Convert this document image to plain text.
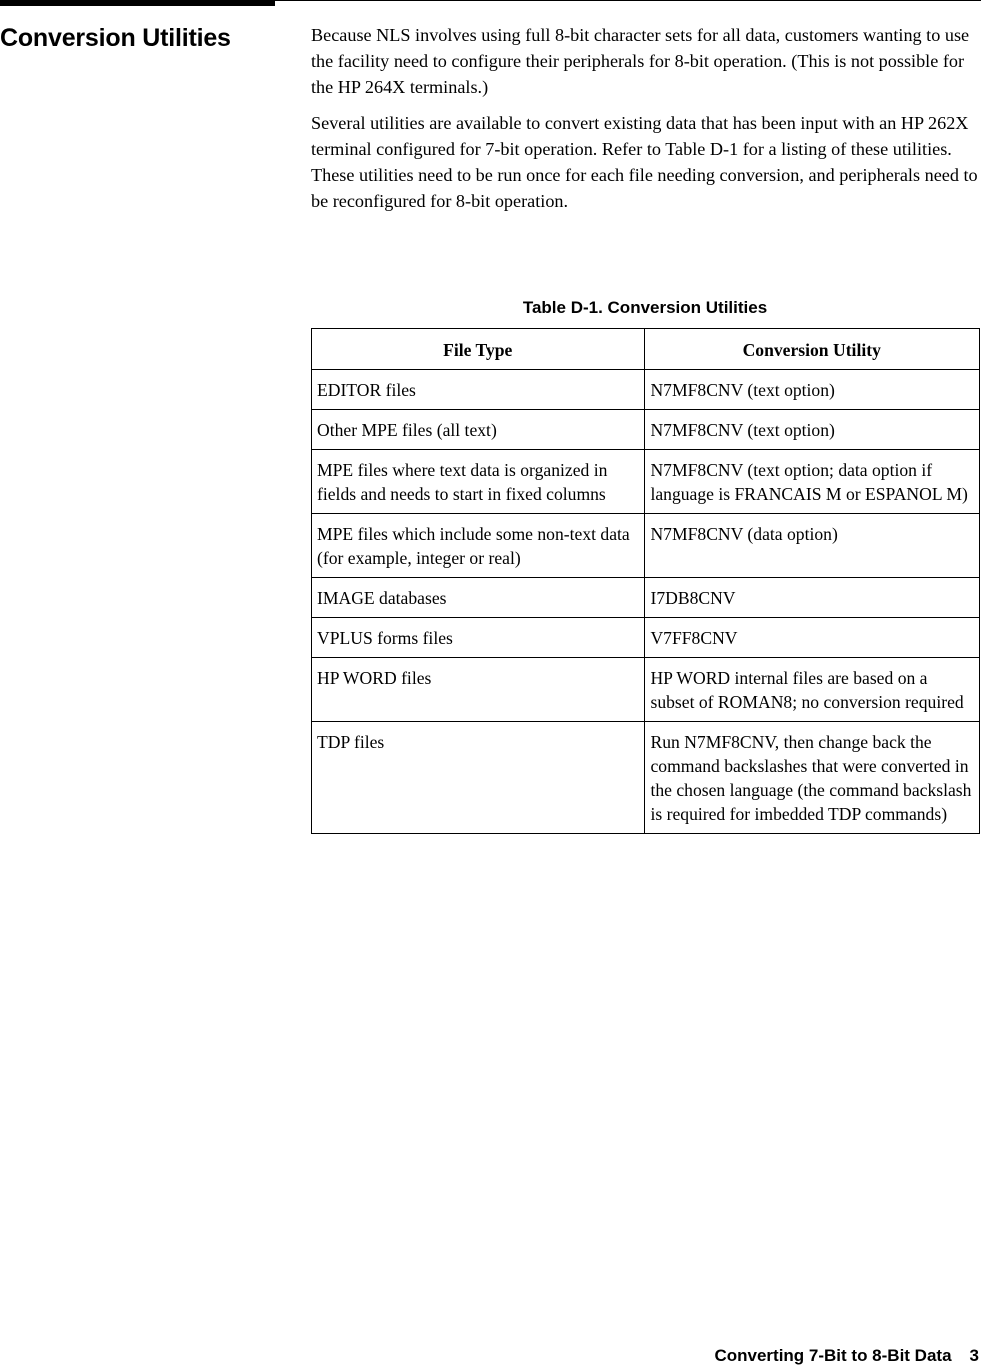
Conversion Utilities	Because NLS involves using full 8-bit character sets for all data, customers wanting to use the facility need to configure their peripherals for 8-bit operation. (This is not possible for the HP 264X terminals.)

Several utilities are available to convert existing data that has been input with an HP 262X terminal configured for 7-bit operation. Refer to Table D-1 for a listing of these utilities. These utilities need to be run once for each file needing conversion, and peripherals need to be reconfigured for 8-bit operation.

Table D-1. Conversion Utilities
File Type	Conversion Utility
EDITOR files	N7MF8CNV (text option)
Other MPE files (all text)	N7MF8CNV (text option)
MPE files where text data is organized in fields and needs to start in fixed columns	N7MF8CNV (text option; data option if language is FRANCAIS M or ESPANOL M)
MPE files which include some non-text data (for example, integer or real)	N7MF8CNV (data option)
IMAGE databases	I7DB8CNV
VPLUS forms files	V7FF8CNV
HP WORD files	HP WORD internal files are based on a subset of ROMAN8; no conversion required
TDP files	Run N7MF8CNV, then change back the command backslashes that were converted in the chosen language (the command backslash is required for imbedded TDP commands)
Converting 7-Bit to 8-Bit Data 3
